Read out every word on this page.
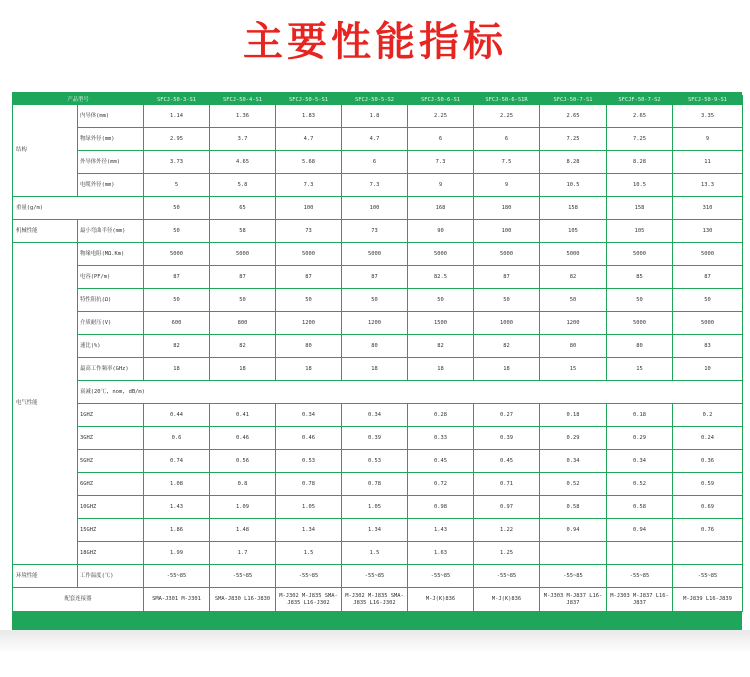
主要性能指标
产品型号		SFCJ-50-3-S1	SFCJ-50-4-S1	SFCJ-50-5-S1	SFCJ-50-5-S2	SFCJ-50-6-S1	SFCJ-50-6-S1R	SFCJ-50-7-S1	SFCJF-50-7-S2	SFCJ-50-9-S1
结构	内导体(mm)	1.14	1.36	1.83	1.8	2.25	2.25	2.65	2.65	3.35
	物绿外径(mm)	2.95	3.7	4.7	4.7	6	6	7.25	7.25	9
	外导体外径(mm)	3.73	4.65	5.68	6	7.3	7.5	8.28	8.28	11
	电缆外径(mm)	5	5.8	7.3	7.3	9	9	10.5	10.5	13.3
重量(g/m)		50	65	100	100	168	180	158	158	310
机械性能	最小弯曲半径(mm)	50	58	73	73	90	100	105	105	130
电气性能	物缘电阻(MΩ.Km)	5000	5000	5000	5000	5000	5000	5000	5000	5000
	电容(PF/m)	87	87	87	87	82.5	87	82	85	87
	特性阻抗(Ω)	50	50	50	50	50	50	50	50	50
	介质耐压(V)	600	800	1200	1200	1500	1000	1200	5000	5000
	速比(%)	82	82	80	80	82	82	80	80	83
	最高工作频率(GHz)	18	18	18	18	18	18	15	15	10
	衰减(20℃, nom, dB/m)									
	1GHZ	0.44	0.41	0.34	0.34	0.28	0.27	0.18	0.18	0.2
	3GHZ	0.6	0.46	0.46	0.39	0.33	0.39	0.29	0.29	0.24
	5GHZ	0.74	0.56	0.53	0.53	0.45	0.45	0.34	0.34	0.36
	6GHZ	1.08	0.8	0.78	0.78	0.72	0.71	0.52	0.52	0.59
	10GHZ	1.43	1.09	1.05	1.05	0.98	0.97	0.58	0.58	0.69
	15GHZ	1.86	1.48	1.34	1.34	1.43	1.22	0.94	0.94	0.76
	18GHZ	1.99	1.7	1.5	1.5	1.63	1.25			
环境性能	工作温度(℃)	-55~85	-55~85	-55~85	-55~85	-55~85	-55~85	-55~85	-55~85	-55~85
配套连接器		SMA-J301 M-J301	SMA-J830 L16-J830	M-J302 M-J835 SMA-J835 L16-J302	M-J302 M-J835 SMA-J835 L16-J302	M-J(K)836	M-J(K)836	M-J303 M-J837 L16-J837	M-J303 M-J837 L16-J837	M-J839 L16-J839
